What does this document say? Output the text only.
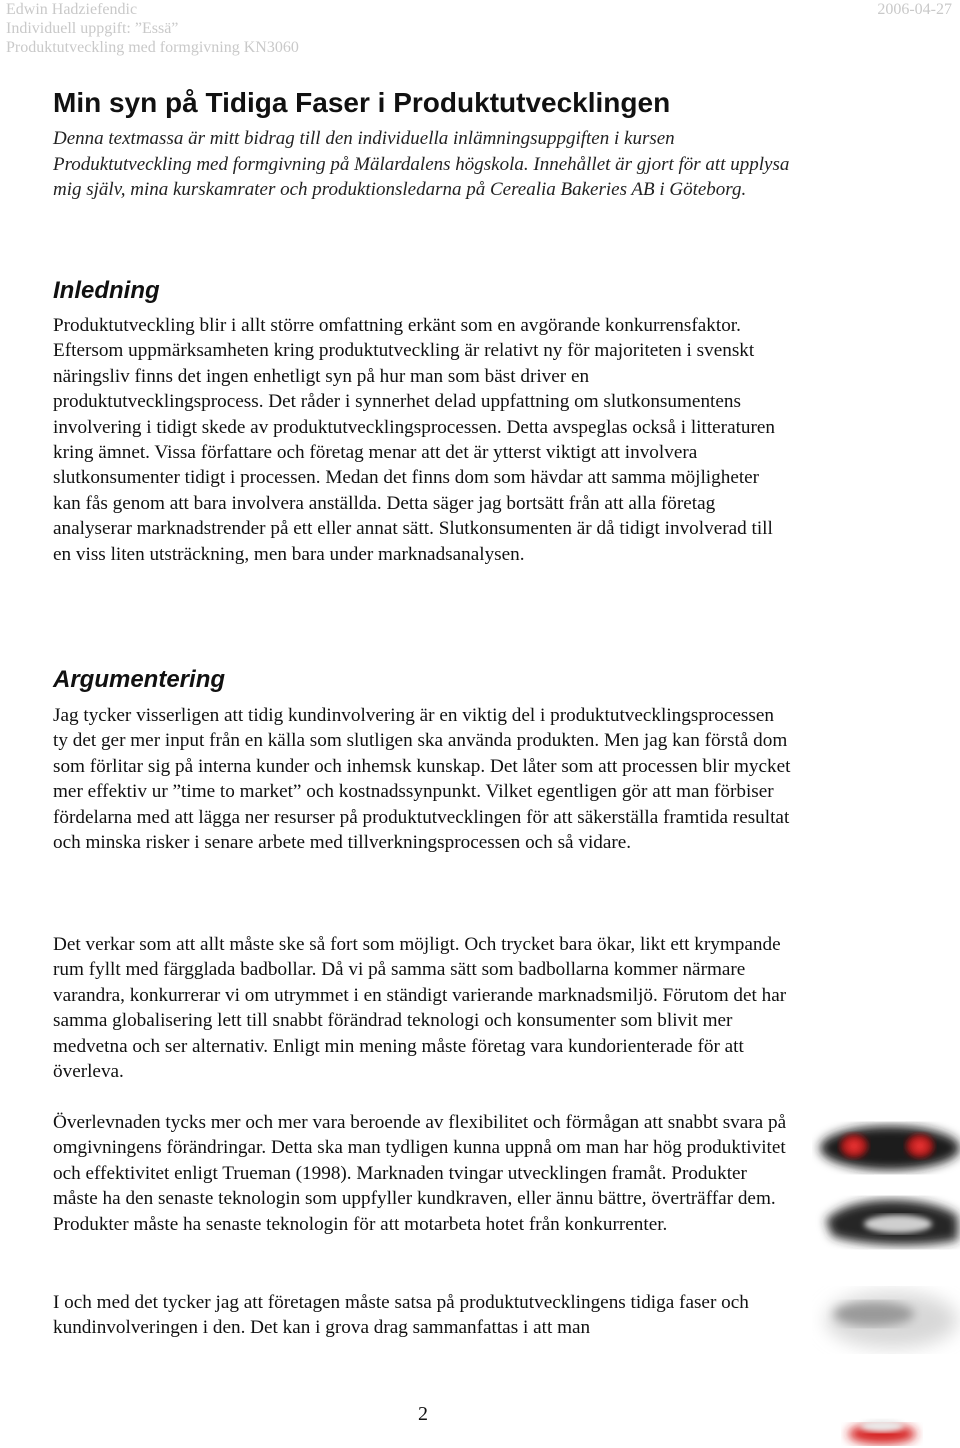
Edwin Hadziefendic
Individuell uppgift: ”Essä”
Produktutveckling med formgivning KN3060
2006-04-27
Min syn på Tidiga Faser i Produktutvecklingen

Denna textmassa är mitt bidrag till den individuella inlämningsuppgiften i kursen Produktutveckling med formgivning på Mälardalens högskola. Innehållet är gjort för att upplysa mig själv, mina kurskamrater och produktionsledarna på Cerealia Bakeries AB i Göteborg.

Inledning

Produktutveckling blir i allt större omfattning erkänt som en avgörande konkurrensfaktor. Eftersom uppmärksamheten kring produktutveckling är relativt ny för majoriteten i svenskt näringsliv finns det ingen enhetligt syn på hur man som bäst driver en produktutvecklingsprocess. Det råder i synnerhet delad uppfattning om slutkonsumentens involvering i tidigt skede av produktutvecklingsprocessen. Detta avspeglas också i litteraturen kring ämnet. Vissa författare och företag menar att det är ytterst viktigt att involvera slutkonsumenter tidigt i processen. Medan det finns dom som hävdar att samma möjligheter kan fås genom att bara involvera anställda. Detta säger jag bortsätt från att alla företag analyserar marknadstrender på ett eller annat sätt. Slutkonsumenten är då tidigt involverad till en viss liten utsträckning, men bara under marknadsanalysen.

Argumentering

Jag tycker visserligen att tidig kundinvolvering är en viktig del i produktutvecklingsprocessen ty det ger mer input från en källa som slutligen ska använda produkten. Men jag kan förstå dom som förlitar sig på interna kunder och inhemsk kunskap. Det låter som att processen blir mycket mer effektiv ur ”time to market” och kostnadssynpunkt. Vilket egentligen gör att man förbiser fördelarna med att lägga ner resurser på produktutvecklingen för att säkerställa framtida resultat och minska risker i senare arbete med tillverkningsprocessen och så vidare.

Det verkar som att allt måste ske så fort som möjligt. Och trycket bara ökar, likt ett krympande rum fyllt med färgglada badbollar. Då vi på samma sätt som badbollarna kommer närmare varandra, konkurrerar vi om utrymmet i en ständigt varierande marknadsmiljö. Förutom det har samma globalisering lett till snabbt förändrad teknologi och konsumenter som blivit mer medvetna och ser alternativ. Enligt min mening måste företag vara kundorienterade för att överleva.

Överlevnaden tycks mer och mer vara beroende av flexibilitet och förmågan att snabbt svara på omgivningens förändringar. Detta ska man tydligen kunna uppnå om man har hög produktivitet och effektivitet enligt Trueman (1998). Marknaden tvingar utvecklingen framåt. Produkter måste ha den senaste teknologin som uppfyller kundkraven, eller ännu bättre, överträffar dem. Produkter måste ha senaste teknologin för att motarbeta hotet från konkurrenter.

I och med det tycker jag att företagen måste satsa på produktutvecklingens tidiga faser och kundinvolveringen i den. Det kan i grova drag sammanfattas i att man

2
